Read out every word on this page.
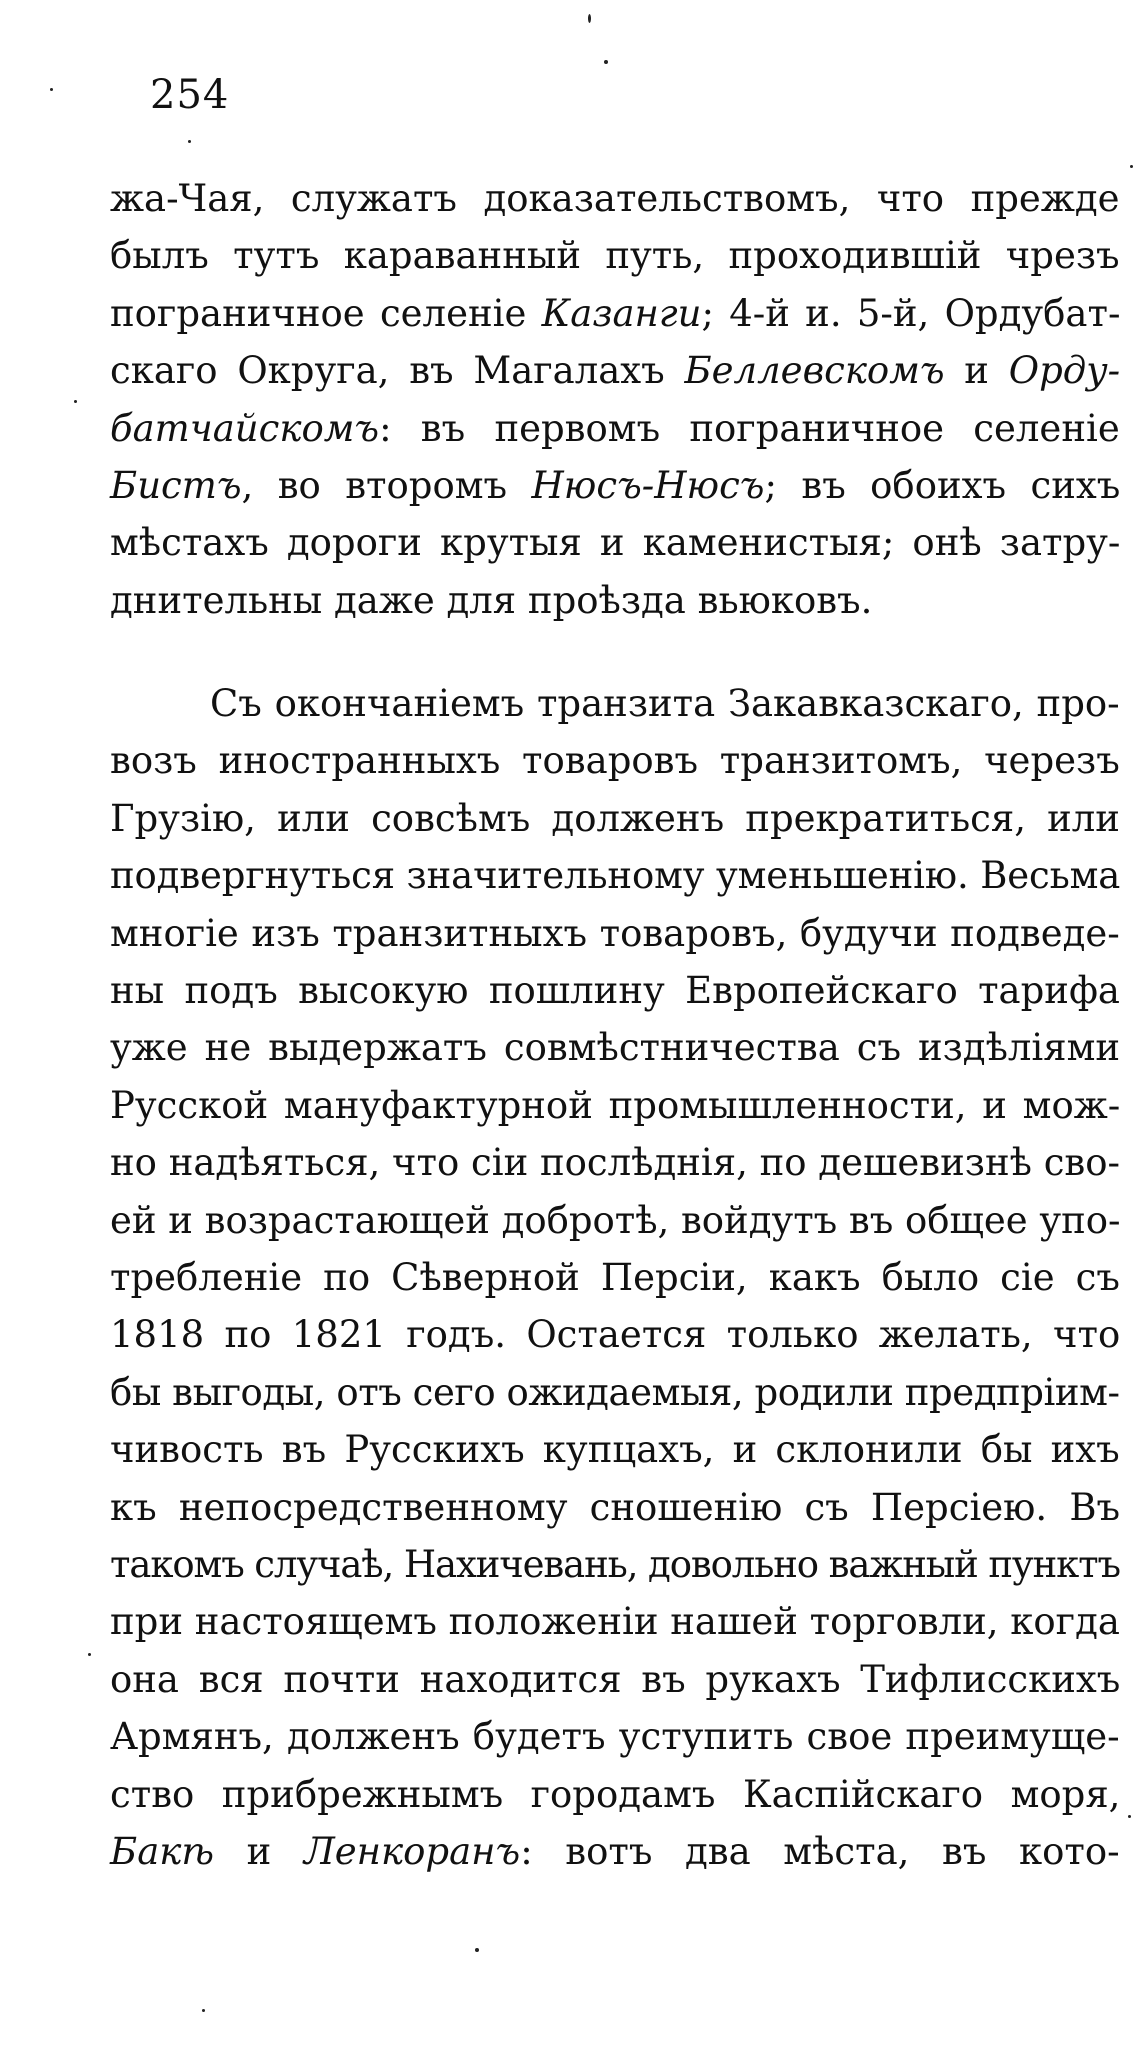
254
жа-Чая, служатъ доказательствомъ, что прежде
былъ тутъ караванный путь, проходившій чрезъ
пограничное селеніе Казанги; 4-й и. 5-й, Ордубат-
скаго Округа, въ Магалахъ Беллевскомъ и Орду-
батчайскомъ: въ первомъ пограничное селеніе
Бистъ, во второмъ Нюсъ-Нюсъ; въ обоихъ сихъ
мѣстахъ дороги крутыя и каменистыя; онѣ затру-
днительны даже для проѣзда вьюковъ.
Съ окончаніемъ транзита Закавказскаго, про-
возъ иностранныхъ товаровъ транзитомъ, черезъ
Грузію, или совсѣмъ долженъ прекратиться, или
подвергнуться значительному уменьшенію. Весьма
многіе изъ транзитныхъ товаровъ, будучи подведе-
ны подъ высокую пошлину Европейскаго тарифа
уже не выдержатъ совмѣстничества съ издѣліями
Русской мануфактурной промышленности, и мож-
но надѣяться, что сіи послѣднія, по дешевизнѣ сво-
ей и возрастающей добротѣ, войдутъ въ общее упо-
требленіе по Сѣверной Персіи, какъ было сіе съ
1818 по 1821 годъ. Остается только желать, что
бы выгоды, отъ сего ожидаемыя, родили предпріим-
чивость въ Русскихъ купцахъ, и склонили бы ихъ
къ непосредственному сношенію съ Персіею. Въ
такомъ случаѣ, Нахичевань, довольно важный пунктъ
при настоящемъ положеніи нашей торговли, когда
она вся почти находится въ рукахъ Тифлисскихъ
Армянъ, долженъ будетъ уступить свое преимуще-
ство прибрежнымъ городамъ Каспійскаго моря,
Бакѣ и Ленкоранъ: вотъ два мѣста, въ кото-
